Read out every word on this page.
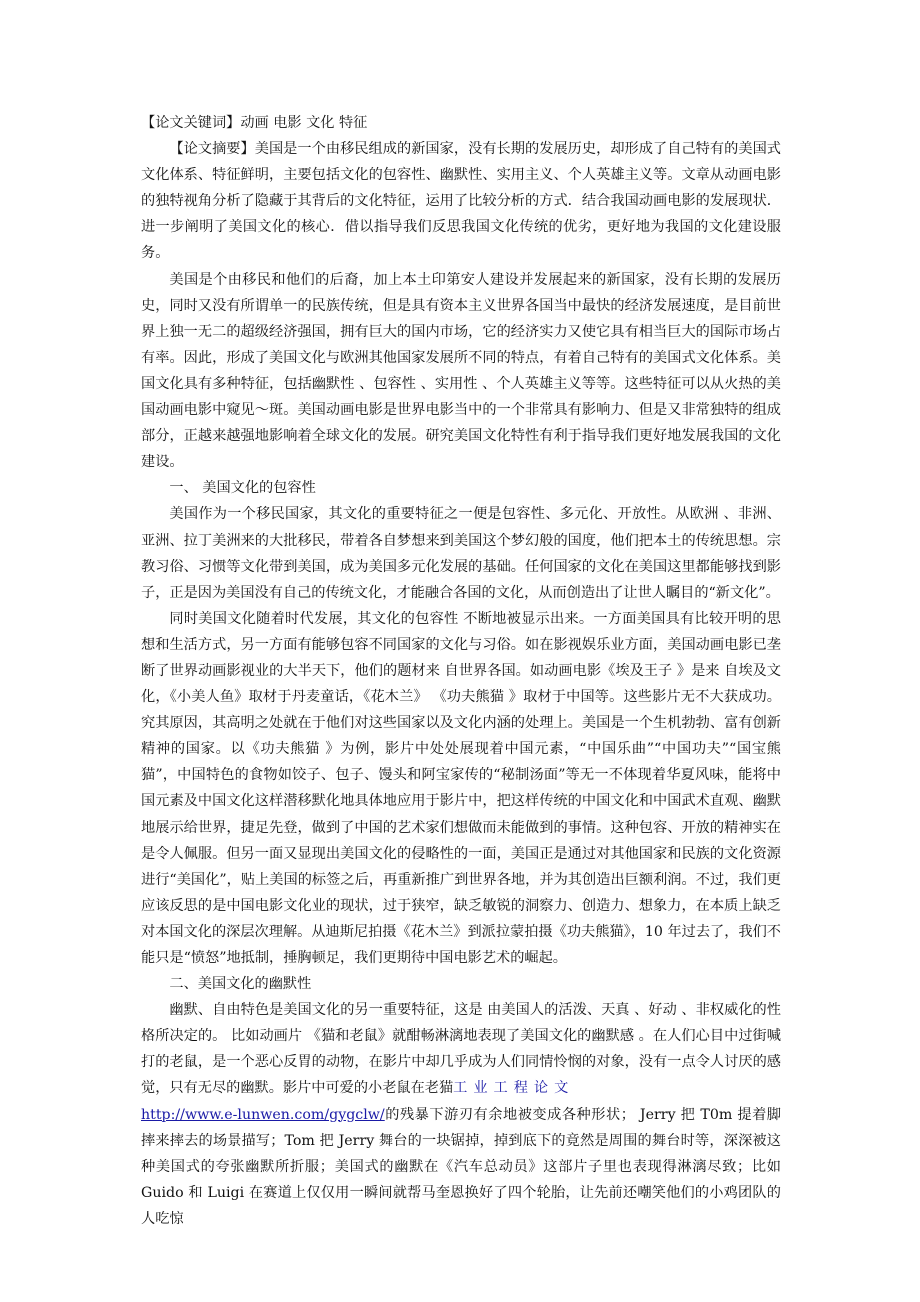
【论文关键词】动画 电影 文化 特征

【论文摘要】美国是一个由移民组成的新国家，没有长期的发展历史，却形成了自己特有的美国式文化体系、特征鲜明，主要包括文化的包容性、幽默性、实用主义、个人英雄主义等。文章从动画电影的独特视角分析了隐藏于其背后的文化特征，运用了比较分析的方式．结合我国动画电影的发展现状．进一步阐明了美国文化的核心．借以指导我们反思我国文化传统的优劣，更好地为我国的文化建设服务。

美国是个由移民和他们的后裔，加上本土印第安人建设并发展起来的新国家，没有长期的发展历史，同时又没有所谓单一的民族传统，但是具有资本主义世界各国当中最快的经济发展速度，是目前世界上独一无二的超级经济强国，拥有巨大的国内市场，它的经济实力又使它具有相当巨大的国际市场占有率。因此，形成了美国文化与欧洲其他国家发展所不同的特点，有着自己特有的美国式文化体系。美国文化具有多种特征，包括幽默性 、包容性 、实用性 、个人英雄主义等等。这些特征可以从火热的美国动画电影中窥见～斑。美国动画电影是世界电影当中的一个非常具有影响力、但是又非常独特的组成部分，正越来越强地影响着全球文化的发展。研究美国文化特性有利于指导我们更好地发展我国的文化建设。

一、 美国文化的包容性

美国作为一个移民国家，其文化的重要特征之一便是包容性、多元化、开放性。从欧洲 、非洲、亚洲、拉丁美洲来的大批移民，带着各自梦想来到美国这个梦幻般的国度，他们把本土的传统思想。宗教习俗、习惯等文化带到美国，成为美国多元化发展的基础。任何国家的文化在美国这里都能够找到影子，正是因为美国没有自己的传统文化，才能融合各国的文化，从而创造出了让世人瞩目的“新文化”。

同时美国文化随着时代发展，其文化的包容性 不断地被显示出来。一方面美国具有比较开明的思想和生活方式，另一方面有能够包容不同国家的文化与习俗。如在影视娱乐业方面，美国动画电影已垄断了世界动画影视业的大半天下，他们的题材来 自世界各国。如动画电影《埃及王子 》是来 自埃及文化，《小美人鱼》取材于丹麦童话，《花木兰》 《功夫熊猫 》取材于中国等。这些影片无不大获成功。究其原因，其高明之处就在于他们对这些国家以及文化内涵的处理上。美国是一个生机勃勃、富有创新精神的国家。以《功夫熊猫 》为例，影片中处处展现着中国元素，“中国乐曲”“中国功夫”“国宝熊猫”，中国特色的食物如饺子、包子、馒头和阿宝家传的“秘制汤面”等无一不体现着华夏风味，能将中国元素及中国文化这样潜移默化地具体地应用于影片中，把这样传统的中国文化和中国武术直观、幽默地展示给世界，捷足先登，做到了中国的艺术家们想做而未能做到的事情。这种包容、开放的精神实在是令人佩服。但另一面又显现出美国文化的侵略性的一面，美国正是通过对其他国家和民族的文化资源进行“美国化”，贴上美国的标签之后，再重新推广到世界各地，并为其创造出巨额利润。不过，我们更应该反思的是中国电影文化业的现状，过于狭窄，缺乏敏锐的洞察力、创造力、想象力，在本质上缺乏对本国文化的深层次理解。从迪斯尼拍摄《花木兰》到派拉蒙拍摄《功夫熊猫》，10 年过去了，我们不能只是“愤怒”地抵制，捶胸顿足，我们更期待中国电影艺术的崛起。

二、美国文化的幽默性

幽默、自由特色是美国文化的另一重要特征，这是 由美国人的活泼、天真 、好动 、非权威化的性格所决定的。 比如动画片 《猫和老鼠》就酣畅淋漓地表现了美国文化的幽默感 。在人们心目中过街喊打的老鼠，是一个恶心反胃的动物，在影片中却几乎成为人们同情怜悯的对象，没有一点令人讨厌的感觉，只有无尽的幽默。影片中可爱的小老鼠在老猫工业工程论文
http://www.e-lunwen.com/gygclw/的残暴下游刃有余地被变成各种形状； Jerry 把 T0m 提着脚摔来摔去的场景描写；Tom 把 Jerry 舞台的一块锯掉，掉到底下的竟然是周围的舞台时等，深深被这种美国式的夸张幽默所折服；美国式的幽默在《汽车总动员》这部片子里也表现得淋漓尽致；比如 Guido 和 Luigi 在赛道上仅仅用一瞬间就帮马奎恩换好了四个轮胎，让先前还嘲笑他们的小鸡团队的人吃惊
